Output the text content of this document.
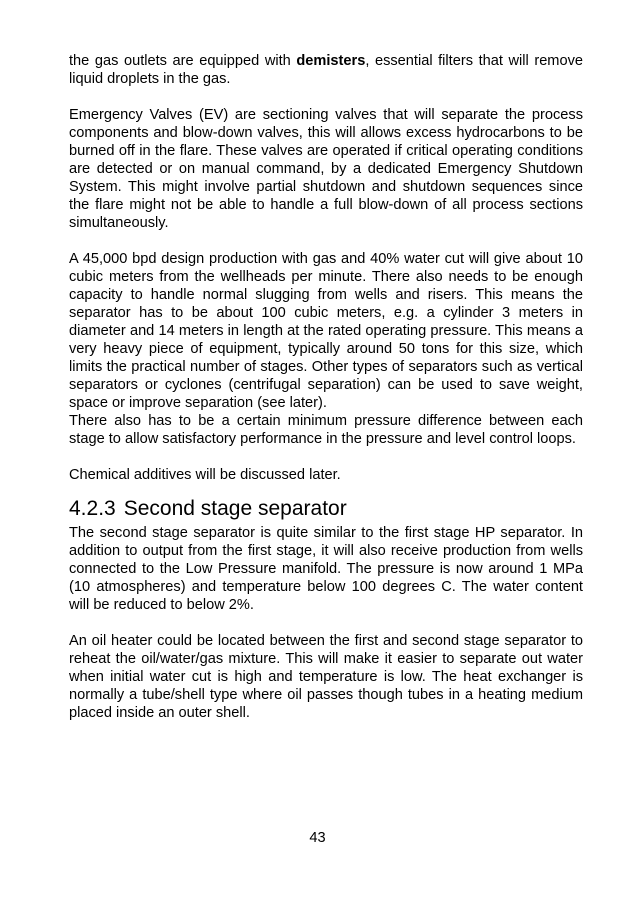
the gas outlets are equipped with demisters, essential filters that will remove liquid droplets in the gas.

Emergency Valves (EV) are sectioning valves that will separate the process components and blow-down valves, this will allows excess hydrocarbons to be burned off in the flare. These valves are operated if critical operating conditions are detected or on manual command, by a dedicated Emergency Shutdown System. This might involve partial shutdown and shutdown sequences since the flare might not be able to handle a full blow-down of all process sections simultaneously.

A 45,000 bpd design production with gas and 40% water cut will give about 10 cubic meters from the wellheads per minute. There also needs to be enough capacity to handle normal slugging from wells and risers. This means the separator has to be about 100 cubic meters, e.g. a cylinder 3 meters in diameter and 14 meters in length at the rated operating pressure. This means a very heavy piece of equipment, typically around 50 tons for this size, which limits the practical number of stages. Other types of separators such as vertical separators or cyclones (centrifugal separation) can be used to save weight, space or improve separation (see later).

There also has to be a certain minimum pressure difference between each stage to allow satisfactory performance in the pressure and level control loops.

Chemical additives will be discussed later.

4.2.3 Second stage separator

The second stage separator is quite similar to the first stage HP separator. In addition to output from the first stage, it will also receive production from wells connected to the Low Pressure manifold. The pressure is now around 1 MPa (10 atmospheres) and temperature below 100 degrees C. The water content will be reduced to below 2%.

An oil heater could be located between the first and second stage separator to reheat the oil/water/gas mixture. This will make it easier to separate out water when initial water cut is high and temperature is low. The heat exchanger is normally a tube/shell type where oil passes though tubes in a heating medium placed inside an outer shell.

43
